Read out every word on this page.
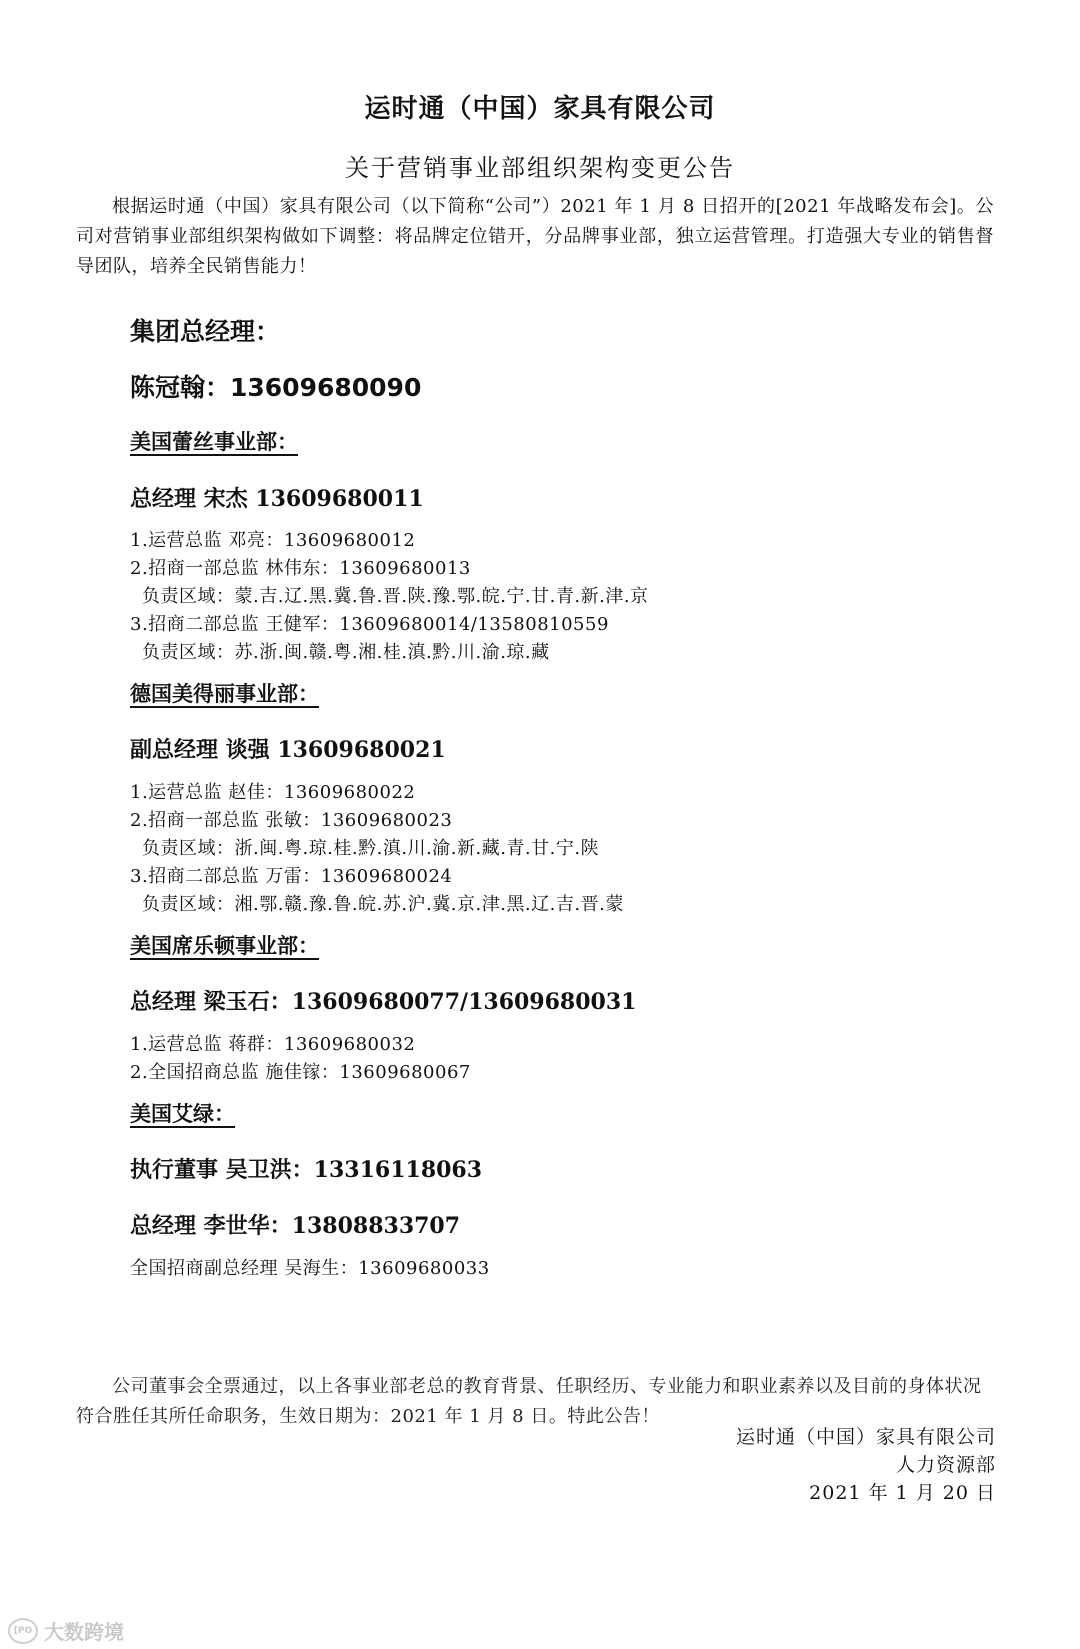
运时通（中国）家具有限公司
关于营销事业部组织架构变更公告

根据运时通（中国）家具有限公司（以下简称“公司”）2021 年 1 月 8 日招开的[2021 年战略发布会]。公司对营销事业部组织架构做如下调整：将品牌定位错开，分品牌事业部，独立运营管理。打造强大专业的销售督导团队，培养全民销售能力！

集团总经理：
陈冠翰：13609680090
美国蕾丝事业部：
总经理 宋杰 13609680011
1.运营总监 邓亮：13609680012
2.招商一部总监 林伟东：13609680013
负责区域：蒙.吉.辽.黑.冀.鲁.晋.陕.豫.鄂.皖.宁.甘.青.新.津.京
3.招商二部总监 王健军：13609680014/13580810559
负责区域：苏.浙.闽.赣.粤.湘.桂.滇.黔.川.渝.琼.藏
德国美得丽事业部：
副总经理 谈强 13609680021
1.运营总监 赵佳：13609680022
2.招商一部总监 张敏：13609680023
负责区域：浙.闽.粤.琼.桂.黔.滇.川.渝.新.藏.青.甘.宁.陕
3.招商二部总监 万雷：13609680024
负责区域：湘.鄂.赣.豫.鲁.皖.苏.沪.冀.京.津.黑.辽.吉.晋.蒙
美国席乐顿事业部：
总经理 梁玉石：13609680077/13609680031
1.运营总监 蒋群：13609680032
2.全国招商总监 施佳镓：13609680067
美国艾绿：
执行董事 吴卫洪：13316118063
总经理 李世华：13808833707
全国招商副总经理 吴海生：13609680033

公司董事会全票通过，以上各事业部老总的教育背景、任职经历、专业能力和职业素养以及目前的身体状况符合胜任其所任命职务，生效日期为：2021 年 1 月 8 日。特此公告！

运时通（中国）家具有限公司
人力资源部
2021 年 1 月 20 日
[PO 大数跨境
